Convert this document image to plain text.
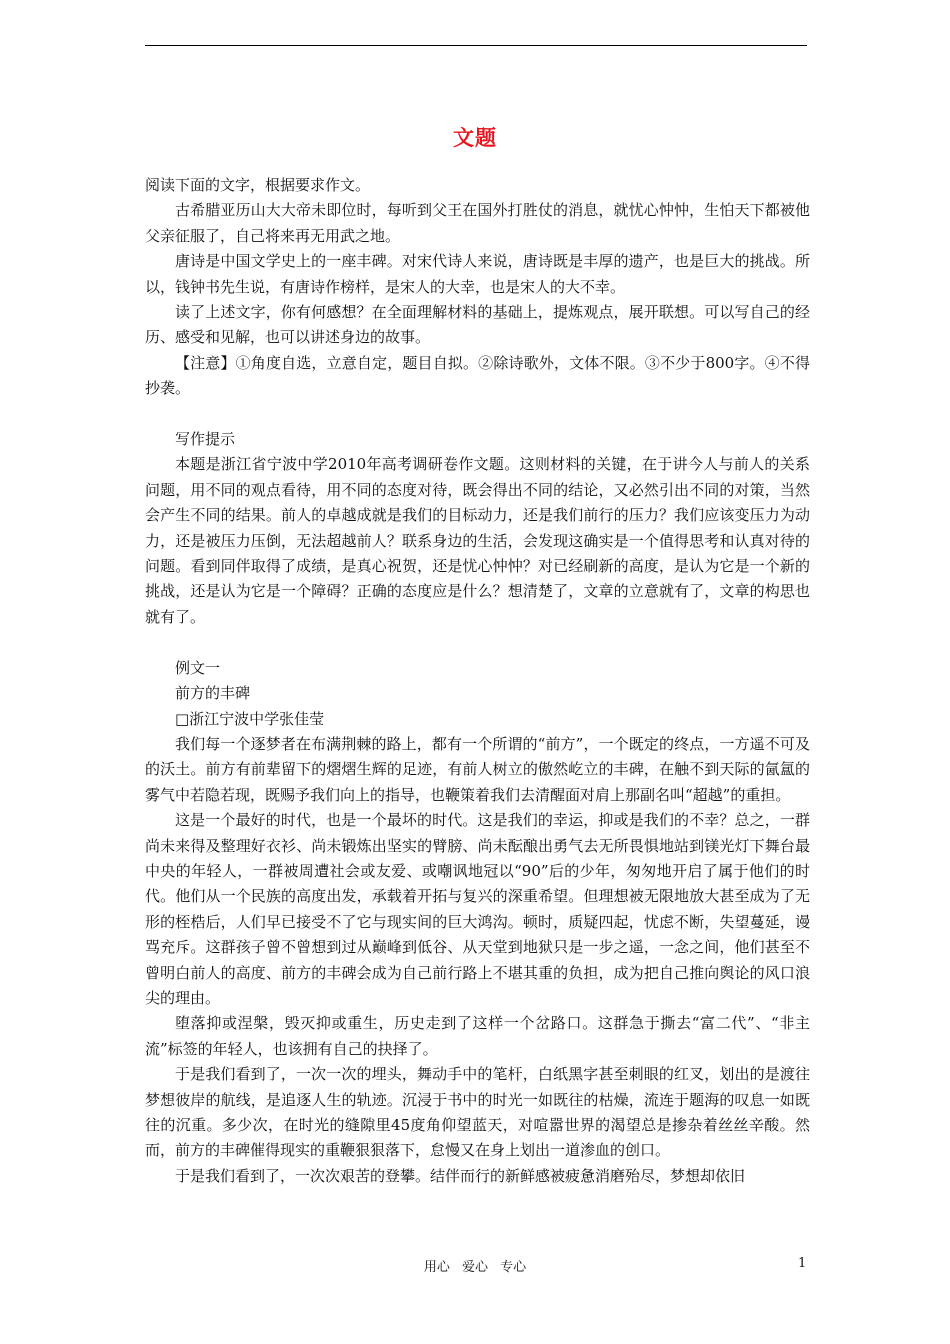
文题

阅读下面的文字，根据要求作文。

古希腊亚历山大大帝未即位时，每听到父王在国外打胜仗的消息，就忧心忡忡，生怕天下都被他父亲征服了，自己将来再无用武之地。

唐诗是中国文学史上的一座丰碑。对宋代诗人来说，唐诗既是丰厚的遗产，也是巨大的挑战。所以，钱钟书先生说，有唐诗作榜样，是宋人的大幸，也是宋人的大不幸。

读了上述文字，你有何感想？在全面理解材料的基础上，提炼观点，展开联想。可以写自己的经历、感受和见解，也可以讲述身边的故事。

【注意】①角度自选，立意自定，题目自拟。②除诗歌外，文体不限。③不少于800字。④不得抄袭。

写作提示

本题是浙江省宁波中学2010年高考调研卷作文题。这则材料的关键，在于讲今人与前人的关系问题，用不同的观点看待，用不同的态度对待，既会得出不同的结论，又必然引出不同的对策，当然会产生不同的结果。前人的卓越成就是我们的目标动力，还是我们前行的压力？我们应该变压力为动力，还是被压力压倒，无法超越前人？联系身边的生活，会发现这确实是一个值得思考和认真对待的问题。看到同伴取得了成绩，是真心祝贺，还是忧心忡忡？对已经刷新的高度，是认为它是一个新的挑战，还是认为它是一个障碍？正确的态度应是什么？想清楚了，文章的立意就有了，文章的构思也就有了。

例文一

前方的丰碑

□浙江宁波中学张佳莹

我们每一个逐梦者在布满荆棘的路上，都有一个所谓的“前方”，一个既定的终点，一方遥不可及的沃土。前方有前辈留下的熠熠生辉的足迹，有前人树立的傲然屹立的丰碑，在触不到天际的氤氲的雾气中若隐若现，既赐予我们向上的指导，也鞭策着我们去清醒面对肩上那副名叫“超越”的重担。

这是一个最好的时代，也是一个最坏的时代。这是我们的幸运，抑或是我们的不幸？总之，一群尚未来得及整理好衣衫、尚未锻炼出坚实的臂膀、尚未酝酿出勇气去无所畏惧地站到镁光灯下舞台最中央的年轻人，一群被周遭社会或友爱、或嘲讽地冠以“90”后的少年，匆匆地开启了属于他们的时代。他们从一个民族的高度出发，承载着开拓与复兴的深重希望。但理想被无限地放大甚至成为了无形的桎梏后，人们早已接受不了它与现实间的巨大鸿沟。顿时，质疑四起，忧虑不断，失望蔓延，谩骂充斥。这群孩子曾不曾想到过从巅峰到低谷、从天堂到地狱只是一步之遥，一念之间，他们甚至不曾明白前人的高度、前方的丰碑会成为自己前行路上不堪其重的负担，成为把自己推向舆论的风口浪尖的理由。

堕落抑或涅槃，毁灭抑或重生，历史走到了这样一个岔路口。这群急于撕去“富二代”、“非主流”标签的年轻人，也该拥有自己的抉择了。

于是我们看到了，一次一次的埋头，舞动手中的笔杆，白纸黑字甚至刺眼的红叉，划出的是渡往梦想彼岸的航线，是追逐人生的轨迹。沉浸于书中的时光一如既往的枯燥，流连于题海的叹息一如既往的沉重。多少次，在时光的缝隙里45度角仰望蓝天，对喧嚣世界的渴望总是掺杂着丝丝辛酸。然而，前方的丰碑催得现实的重鞭狠狠落下，怠慢又在身上划出一道渗血的创口。

于是我们看到了，一次次艰苦的登攀。结伴而行的新鲜感被疲惫消磨殆尽，梦想却依旧

用心 爱心 专心	1
